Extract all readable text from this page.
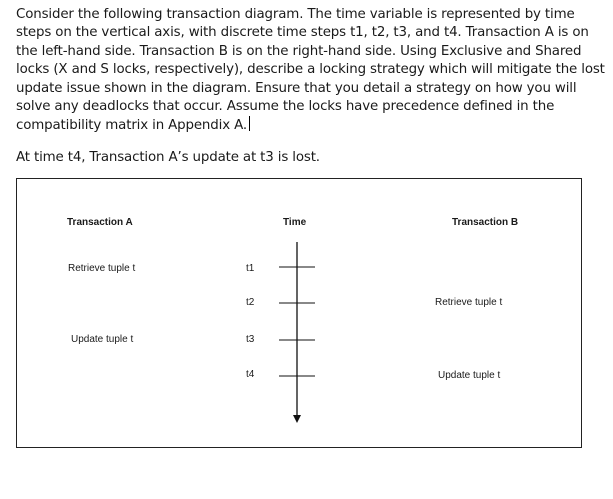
Consider the following transaction diagram. The time variable is represented by time steps on the vertical axis, with discrete time steps t1, t2, t3, and t4. Transaction A is on the left-hand side. Transaction B is on the right-hand side. Using Exclusive and Shared locks (X and S locks, respectively), describe a locking strategy which will mitigate the lost update issue shown in the diagram. Ensure that you detail a strategy on how you will solve any deadlocks that occur. Assume the locks have precedence defined in the compatibility matrix in Appendix A.

At time t4, Transaction A’s update at t3 is lost.

Transaction A	Time	Transaction B
t1
t2
t3
t4
Retrieve tuple t
Retrieve tuple t
Update tuple t
Update tuple t
